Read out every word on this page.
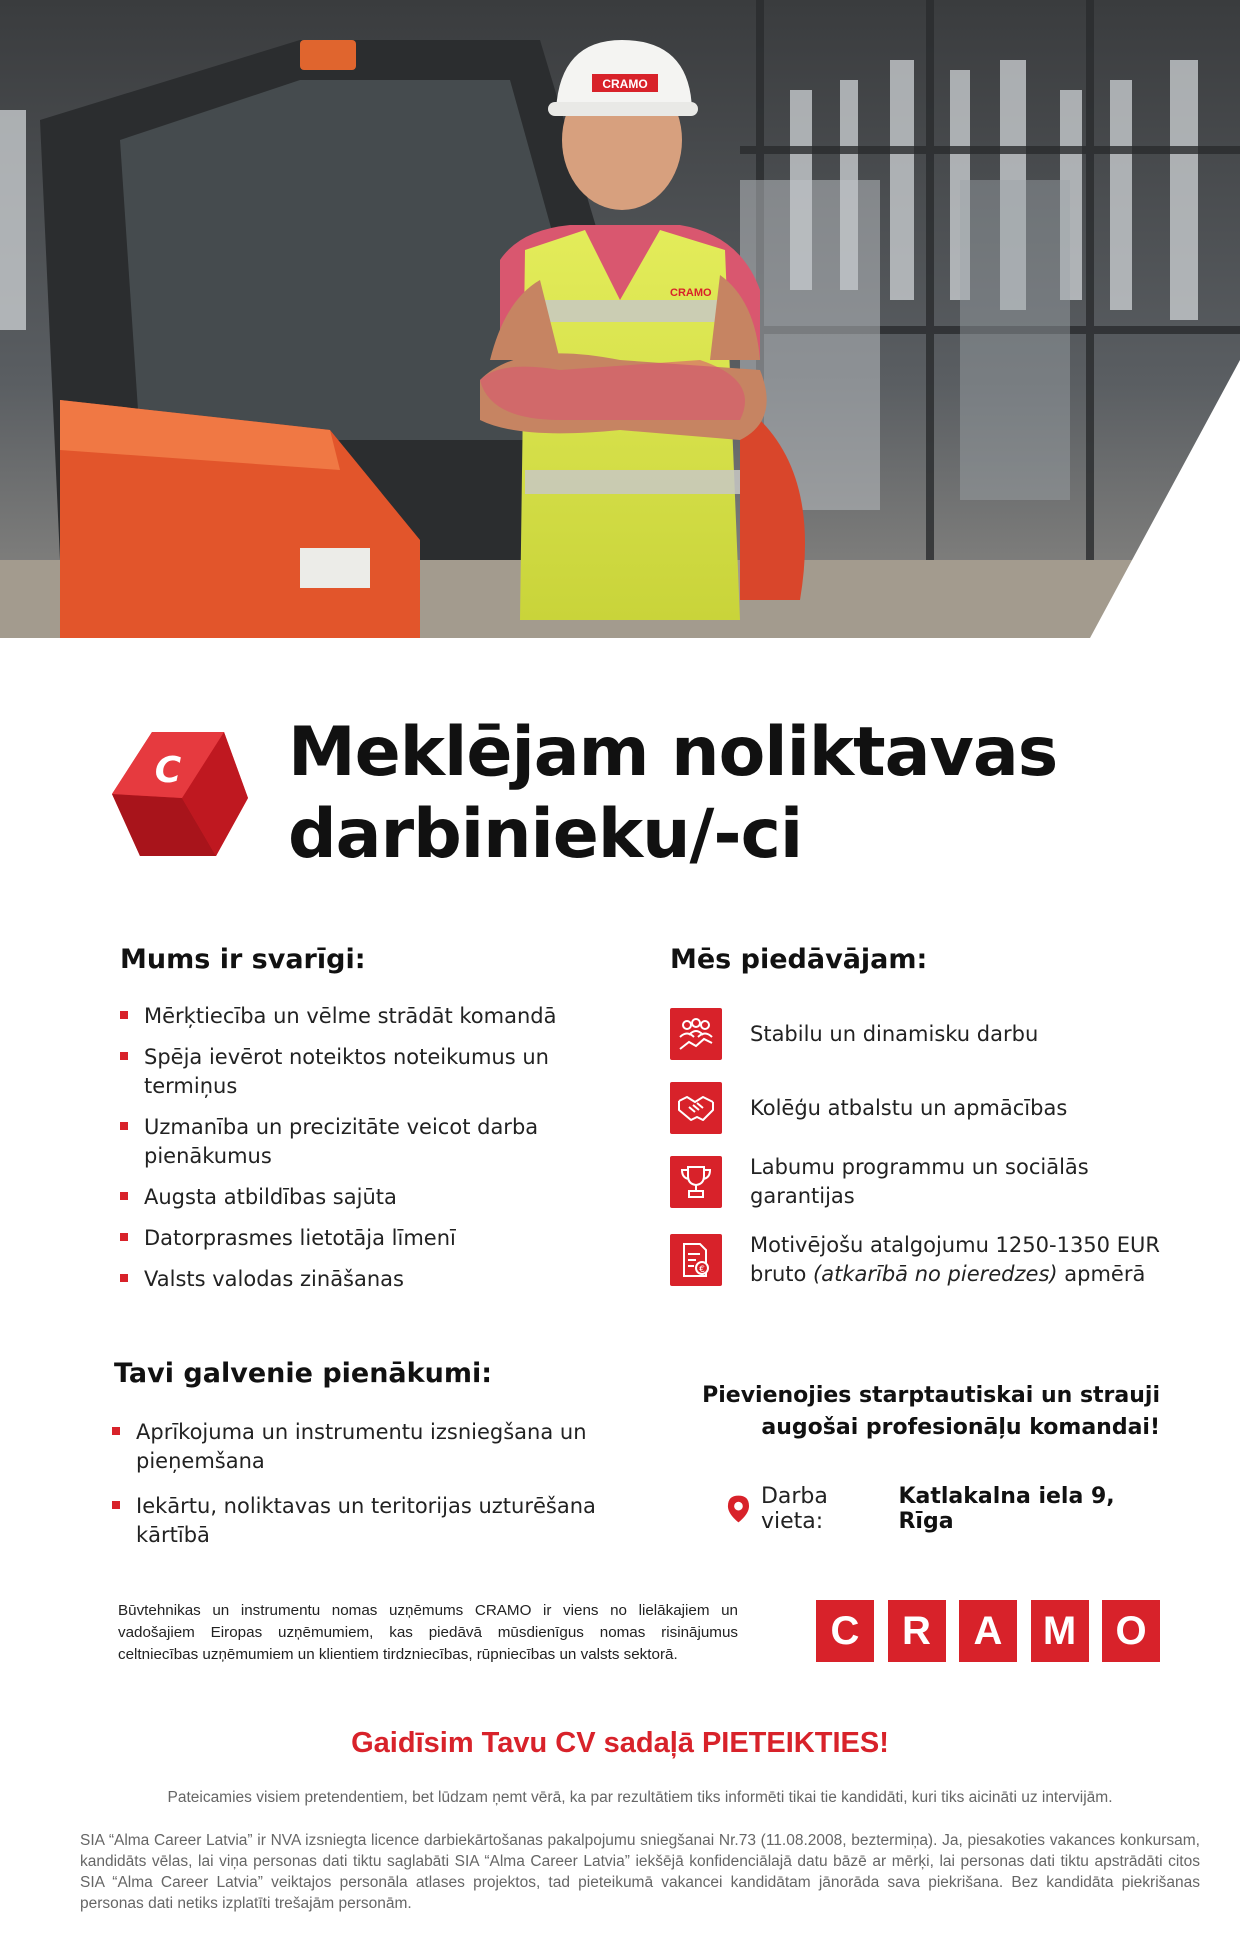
CRAMO
CRAMO
C Meklējam noliktavas
darbinieku/-ci
Mums ir svarīgi:
Mērķtiecība un vēlme strādāt komandā
Spēja ievērot noteiktos noteikumus un termiņus
Uzmanība un precizitāte veicot darba pienākumus
Augsta atbildības sajūta
Datorprasmes lietotāja līmenī
Valsts valodas zināšanas
Mēs piedāvājam:
Stabilu un dinamisku darbu
Kolēģu atbalstu un apmācības
Labumu programmu un sociālās garantijas
€
Motivējošu atalgojumu 1250-1350 EUR bruto (atkarībā no pieredzes) apmērā
Tavi galvenie pienākumi:
Aprīkojuma un instrumentu izsniegšana un pieņemšana
Iekārtu, noliktavas un teritorijas uzturēšana kārtībā
Pievienojies starptautiskai un strauji
augošai profesionāļu komandai!
Darba vieta:

Katlakalna iela 9, Rīga
Būvtehnikas un instrumentu nomas uzņēmums CRAMO ir viens no lielākajiem un vadošajiem Eiropas uzņēmumiem, kas piedāvā mūsdienīgus nomas risinājumus celtniecības uzņēmumiem un klientiem tirdzniecības, rūpniecības un valsts sektorā.
C	R	A	M O
Gaidīsim Tavu CV sadaļā PIETEIKTIES!
Pateicamies visiem pretendentiem, bet lūdzam ņemt vērā, ka par rezultātiem tiks informēti tikai tie kandidāti, kuri tiks aicināti uz intervijām.
SIA “Alma Career Latvia” ir NVA izsniegta licence darbiekārtošanas pakalpojumu sniegšanai Nr.73 (11.08.2008, beztermiņa). Ja, piesakoties vakances konkursam, kandidāts vēlas, lai viņa personas dati tiktu saglabāti SIA “Alma Career Latvia” iekšējā konfidenciālajā datu bāzē ar mērķi, lai personas dati tiktu apstrādāti citos SIA “Alma Career Latvia” veiktajos personāla atlases projektos, tad pieteikumā vakancei kandidātam jānorāda sava piekrišana. Bez kandidāta piekrišanas personas dati netiks izplatīti trešajām personām.
